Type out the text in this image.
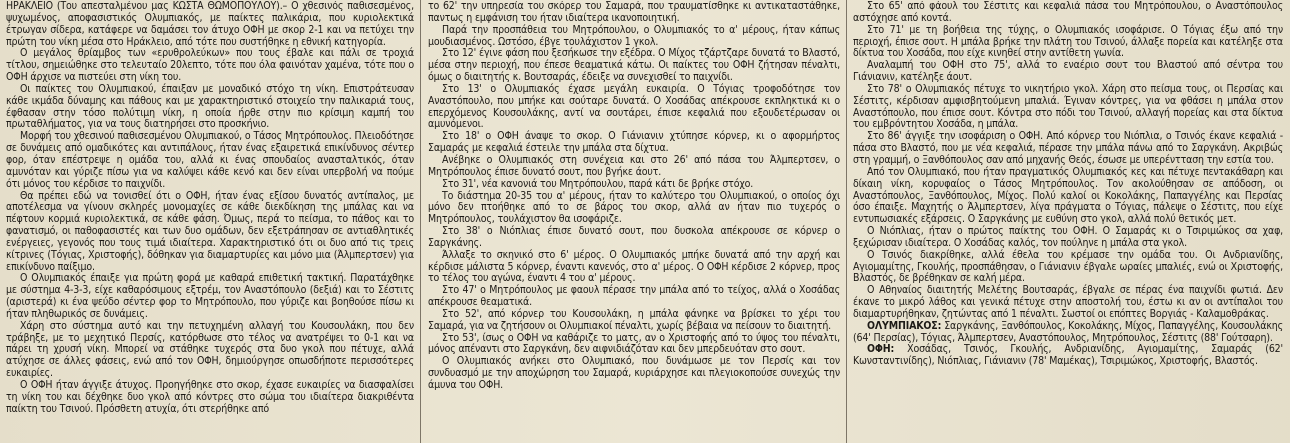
ΗΡΑΚΛΕΙΟ (Του απεσταλμένου μας ΚΩΣΤΑ ΘΩΜΟΠΟΥΛΟΥ).– Ο χθεσινός παθισεσμένος, ψυχωμένος, αποφασιστικός Ολυμπιακός, με παίκτες παλικάρια, που κυριολεκτικά έτρωγαν σίδερα, κατάφερε να δαμάσει τον άτυχο ΟΦΗ με σκορ 2-1 και να πετύχει την πρώτη του νίκη μέσα στο Ηράκλειο, από τότε που συστήθηκε η εθνική κατηγορία.

Ο μεγάλος θρίαμβος των «ερυθρολεύκων» που τους έβαλε και πάλι σε τροχιά τίτλου, σημειώθηκε στο τελευταίο 20λεπτο, τότε που όλα φαινόταν χαμένα, τότε που ο ΟΦΗ άρχισε να πιστεύει στη νίκη του.

Οι παίκτες του Ολυμπιακού, έπαιξαν με μοναδικό στόχο τη νίκη. Επιστράτευσαν κάθε ικμάδα δύναμης και πάθους και με χαρακτηριστικό στοιχείο την παλικαριά τους, έφθασαν στην τόσο πολύτιμη νίκη, η οποία ήρθε στην πιο κρίσιμη καμπή του πρωταθλήματος, για να τους διατηρήσει στο προσκήνιο.

Μορφή του χθεσινού παθισεσμένου Ολυμπιακού, ο Τάσος Μητρόπουλος. Πλειοδότησε σε δυνάμεις από ομαδικότες και αντιπάλους, ήταν ένας εξαιρετικά επικίνδυνος σέντερ φορ, όταν επέστρεψε η ομάδα του, αλλά κι ένας σπουδαίος ανασταλτικός, όταν αμυνόταν και γύριζε πίσω για να καλύψει κάθε κενό και δεν είναι υπερβολή να πούμε ότι μόνος του κέρδισε το παιχνίδι.

Θα πρέπει εδώ να τονισθεί ότι ο ΟΦΗ, ήταν ένας εξίσου δυνατός αντίπαλος, με αποτέλεσμα να γίνουν σκληρές μονομαχίες σε κάθε διεκδίκηση της μπάλας και να πέφτουν κορμιά κυριολεκτικά, σε κάθε φάση. Όμως, περά το πείσμα, το πάθος και το φανατισμό, οι παθοφασιστές και των δυο ομάδων, δεν εξετράπησαν σε αντιαθλητικές ενέργειες, γεγονός που τους τιμά ιδιαίτερα. Χαρακτηριστικό ότι οι δυο από τις τρεις κίτρινες (Τόγιας, Χριστοφής), δόθηκαν για διαμαρτυρίες και μόνο μια (Άλμπερτσεν) για επικίνδυνο παίξιμο.

Ο Ολυμπιακός έπαιξε για πρώτη φορά με καθαρά επιθετική τακτική. Παρατάχθηκε με σύστημα 4-3-3, είχε καθαρόσιμους εξτρέμ, τον Αναστόπουλο (δεξιά) και το Σέστιτς (αριστερά) κι ένα ψεύδο σέντερ φορ το Μητρόπουλο, που γύριζε και βοηθούσε πίσω κι ήταν πληθωρικός σε δυνάμεις.

Χάρη στο σύστημα αυτό και την πετυχημένη αλλαγή του Κουσουλάκη, που δεν τράβηξε, με το μεχητικό Περσίς, κατόρθωσε στο τέλος να ανατρέψει το 0-1 και να πάρει τη χρυσή νίκη. Μπορεί να στάθηκε τυχερός στα δυο γκολ που πέτυχε, αλλά ατύχησε σε άλλες φάσεις, ενώ από τον ΟΦΗ, δημιούργησε οπωσδήποτε περισσότερες ευκαιρίες.

Ο ΟΦΗ ήταν άγγιξε άτυχος. Προηγήθηκε στο σκορ, έχασε ευκαιρίες να διασφαλίσει τη νίκη του και δέχθηκε δυο γκολ από κόντρες στο σώμα του ιδιαίτερα διακριθέντα παίκτη του Τσινού. Πρόσθετη ατυχία, ότι στερήθηκε από

το 62' την υπηρεσία του σκόρερ του Σαμαρά, που τραυματίσθηκε κι αντικαταστάθηκε, παντως η εμφάνιση του ήταν ιδιαίτερα ικανοποιητική.

Παρά την προσπάθεια του Μητρόπουλου, ο Ολυμπιακός το α' μέρους, ήταν κάπως μουδιασμένος. Ωστόσο, έβγε τουλάχιστον 1 γκολ.

Στο 12' έγινε φάση που ξεσήκωσε την εξέδρα. Ο Μίχος τζάρτζαρε δυνατά το Βλαστό, μέσα στην περιοχή, που έπεσε θεαματικά κάτω. Οι παίκτες του ΟΦΗ ζήτησαν πέναλτι, όμως ο διαιτητής κ. Βουτσαράς, έδειξε να συνεχισθεί το παιχνίδι.

Στο 13' ο Ολυμπιακός έχασε μεγάλη ευκαιρία. Ο Τόγιας τροφοδότησε τον Αναστόπουλο, που μπήκε και σούταρε δυνατά. Ο Χοσάδας απέκρουσε εκπληκτικά κι ο επερχόμενος Κουσουλάκης, αντί να σουτάρει, έπισε κεφαλιά που εξουδετέρωσαν οι αμυνόμενοι.

Στο 18' ο ΟΦΗ άναψε το σκορ. Ο Γιάνιανιν χτύπησε κόρνερ, κι ο αφορμήρτος Σαμαράς με κεφαλιά έστειλε την μπάλα στα δίχτυα.

Ανέβηκε ο Ολυμπιακός στη συνέχεια και στο 26' από πάσα του Άλμπερτσεν, ο Μητρόπουλος έπισε δυνατό σουτ, που βγήκε άουτ.

Στο 31', νέα κανονιά του Μητρόπουλου, παρά κάτι δε βρήκε στόχο.

Το διάστημα 20-35 του α' μέρους, ήταν το καλύτερο του Ολυμπιακού, ο οποίος όχι μόνο δεν πτοήθηκε από το σε βάρος του σκορ, αλλά αν ήταν πιο τυχερός ο Μητρόπουλος, τουλάχιστον θα ισοφάριζε.

Στο 38' ο Νιόπλιας έπισε δυνατό σουτ, που δυσκολα απέκρουσε σε κόρνερ ο Σαργκάνης.

Άλλαξε το σκηνικό στο 6' μέρος. Ο Ολυμπιακός μπήκε δυνατά από την αρχή και κέρδισε μάλιστα 5 κόρνερ, έναντι κανενός, στο α' μέρος. Ο ΟΦΗ κέρδισε 2 κόρνερ, προς το τέλος του αγώνα, έναντι 4 του α' μέρους.

Στο 47' ο Μητρόπουλος με φαουλ πέρασε την μπάλα από το τείχος, αλλά ο Χοσάδας απέκρουσε θεαματικά.

Στο 52', από κόρνερ του Κουσουλάκη, η μπάλα φάνηκε να βρίσκει το χέρι του Σαμαρά, για να ζητήσουν οι Ολυμπιακοί πέναλτι, χωρίς βέβαια να πείσουν το διαιτητή.

Στο 53', ίσως ο ΟΦΗ να καθάριζε το ματς, αν ο Χριστοφής από το ύψος του πέναλτι, μόνος απέναντι στο Σαργκάνη, δεν αιφνιδιάζόταν και δεν μπερδευόταν στο σουτ.

Ο Ολυμπιακός ανήκει στο Ολυμπιακό, που δυνάμωσε με τον Περσίς και τον συνδυασμό με την αποχώρηση του Σαμαρά, κυριάρχησε και πλεγιοκοπούσε συνεχώς την άμυνα του ΟΦΗ.

Στο 65' από φάουλ του Σέστιτς και κεφαλιά πάσα του Μητρόπουλου, ο Αναστόπουλος αστόχησε από κοντά.

Στο 71' με τη βοήθεια της τύχης, ο Ολυμπιακός ισοφάρισε. Ο Τόγιας έξω από την περιοχή, έπισε σουτ. Η μπάλα βρήκε την πλάτη του Τσινού, άλλαξε πορεία και κατέληξε στα δίκτυα του Χοσάδα, που είχε κινηθεί στην αντίθετη γωνία.

Αναλαμπή του ΟΦΗ στο 75', αλλά το εναέριο σουτ του Βλαστού από σέντρα του Γιάνιανιν, κατέληξε άουτ.

Στο 78' ο Ολυμπιακός πέτυχε το νικητήριο γκολ. Χάρη στο πείσμα τους, οι Περσίας και Σέστιτς, κέρδισαν αμφισβητούμενη μπαλιά. Έγιναν κόντρες, για να φθάσει η μπάλα στον Αναστόπουλο, που έπισε σουτ. Κόντρα στο πόδι του Τσινού, αλλαγή πορείας και στα δίκτυα του εμβρόντητου Χοσάδα, η μπάλα.

Στο 86' άγγιξε την ισοφάριση ο ΟΦΗ. Από κόρνερ του Νιόπλια, ο Τσινός έκανε κεφαλιά - πάσα στο Βλαστό, που με νέα κεφαλιά, πέρασε την μπάλα πάνω από το Σαργκάνη. Ακριβώς στη γραμμή, ο Ξανθόπουλος σαν από μηχανής Θεός, έσωσε με υπερέντταση την εστία του.

Από τον Ολυμπιακό, που ήταν πραγματικός Ολυμπιακός κες και πέτυχε πεντακάθαρη και δίκαιη νίκη, κορυφαίος ο Τάσος Μητρόπουλος. Τον ακολούθησαν σε απόδοση, οι Αναστόπουλος, Ξανθόπουλος, Μίχος. Πολύ καλοί οι Κοκολάκης, Παπαγγέλης και Περσίας όσο έπαιξε. Μαχητής ο Άλμπερτσεν, λίγα πράγματα ο Τόγιας, πάλεψε ο Σέστιτς, που είχε εντυπωσιακές εξάρσεις. Ο Σαργκάνης με ευθύνη στο γκολ, αλλά πολύ θετικός μετ.

Ο Νιόπλιας, ήταν ο πρώτος παίκτης του ΟΦΗ. Ο Σαμαράς κι ο Τσιριμώκος σα χαφ, ξεχώρισαν ιδιαίτερα. Ο Χοσάδας καλός, τον πούληνε η μπάλα στα γκολ.

Ο Τσινός διακρίθηκε, αλλά έθελα του κρέμασε την ομάδα του. Οι Ανδριανίδης, Αγιομαμίτης, Γκουλής, προσπάθησαν, ο Γιάνιανιν έβγαλε ωραίες μπαλιές, ενώ οι Χριστοφής, Βλαστός, δε βρέθηκαν σε καλή μέρα.

Ο Αθηναίος διαιτητής Μελέτης Βουτσαράς, έβγαλε σε πέρας ένα παιχνίδι φωτιά. Δεν έκανε το μικρό λάθος και γενικά πέτυχε στην αποστολή του, έστω κι αν οι αντίπαλοι του διαμαρτυρήθηκαν, ζητώντας από 1 πέναλτι. Σωστοί οι επόπτες Βοργιάς - Καλαμοθράκας.

ΟΛΥΜΠΙΑΚΟΣ: Σαργκάνης, Ξανθόπουλος, Κοκολάκης, Μίχος, Παπαγγέλης, Κουσουλάκης (64' Περσίας), Τόγιας, Άλμπερτσεν, Αναστόπουλος, Μητρόπουλος, Σέστιτς (88' Γούτσαρη).

ΟΦΗ: Χοσάδας, Τσινός, Γκουλής, Ανδριανίδης, Αγιομαμίτης, Σαμαράς (62' Κωνσταντινίδης), Νιόπλιας, Γιάνιανιν (78' Μαμέκας), Τσιριμώκος, Χριστοφής, Βλαστός.
